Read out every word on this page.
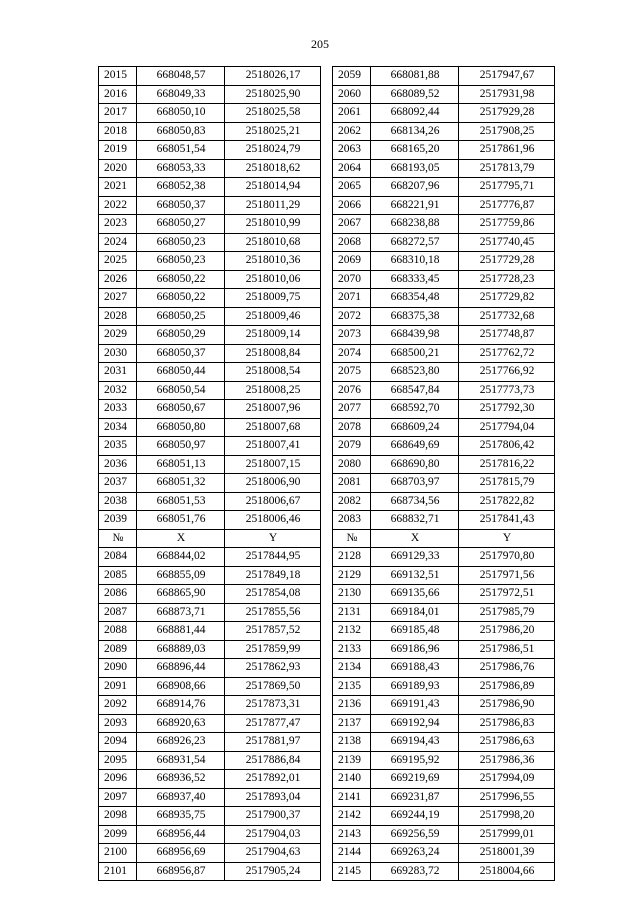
205
2015	668048,57	2518026,17		2059	668081,88	2517947,67
2016	668049,33	2518025,90		2060	668089,52	2517931,98
2017	668050,10	2518025,58		2061	668092,44	2517929,28
2018	668050,83	2518025,21		2062	668134,26	2517908,25
2019	668051,54	2518024,79		2063	668165,20	2517861,96
2020	668053,33	2518018,62		2064	668193,05	2517813,79
2021	668052,38	2518014,94		2065	668207,96	2517795,71
2022	668050,37	2518011,29		2066	668221,91	2517776,87
2023	668050,27	2518010,99		2067	668238,88	2517759,86
2024	668050,23	2518010,68		2068	668272,57	2517740,45
2025	668050,23	2518010,36		2069	668310,18	2517729,28
2026	668050,22	2518010,06		2070	668333,45	2517728,23
2027	668050,22	2518009,75		2071	668354,48	2517729,82
2028	668050,25	2518009,46		2072	668375,38	2517732,68
2029	668050,29	2518009,14		2073	668439,98	2517748,87
2030	668050,37	2518008,84		2074	668500,21	2517762,72
2031	668050,44	2518008,54		2075	668523,80	2517766,92
2032	668050,54	2518008,25		2076	668547,84	2517773,73
2033	668050,67	2518007,96		2077	668592,70	2517792,30
2034	668050,80	2518007,68		2078	668609,24	2517794,04
2035	668050,97	2518007,41		2079	668649,69	2517806,42
2036	668051,13	2518007,15		2080	668690,80	2517816,22
2037	668051,32	2518006,90		2081	668703,97	2517815,79
2038	668051,53	2518006,67		2082	668734,56	2517822,82
2039	668051,76	2518006,46		2083	668832,71	2517841,43
№	X	Y		№	X	Y
2084	668844,02	2517844,95		2128	669129,33	2517970,80
2085	668855,09	2517849,18		2129	669132,51	2517971,56
2086	668865,90	2517854,08		2130	669135,66	2517972,51
2087	668873,71	2517855,56		2131	669184,01	2517985,79
2088	668881,44	2517857,52		2132	669185,48	2517986,20
2089	668889,03	2517859,99		2133	669186,96	2517986,51
2090	668896,44	2517862,93		2134	669188,43	2517986,76
2091	668908,66	2517869,50		2135	669189,93	2517986,89
2092	668914,76	2517873,31		2136	669191,43	2517986,90
2093	668920,63	2517877,47		2137	669192,94	2517986,83
2094	668926,23	2517881,97		2138	669194,43	2517986,63
2095	668931,54	2517886,84		2139	669195,92	2517986,36
2096	668936,52	2517892,01		2140	669219,69	2517994,09
2097	668937,40	2517893,04		2141	669231,87	2517996,55
2098	668935,75	2517900,37		2142	669244,19	2517998,20
2099	668956,44	2517904,03		2143	669256,59	2517999,01
2100	668956,69	2517904,63		2144	669263,24	2518001,39
2101	668956,87	2517905,24		2145	669283,72	2518004,66
